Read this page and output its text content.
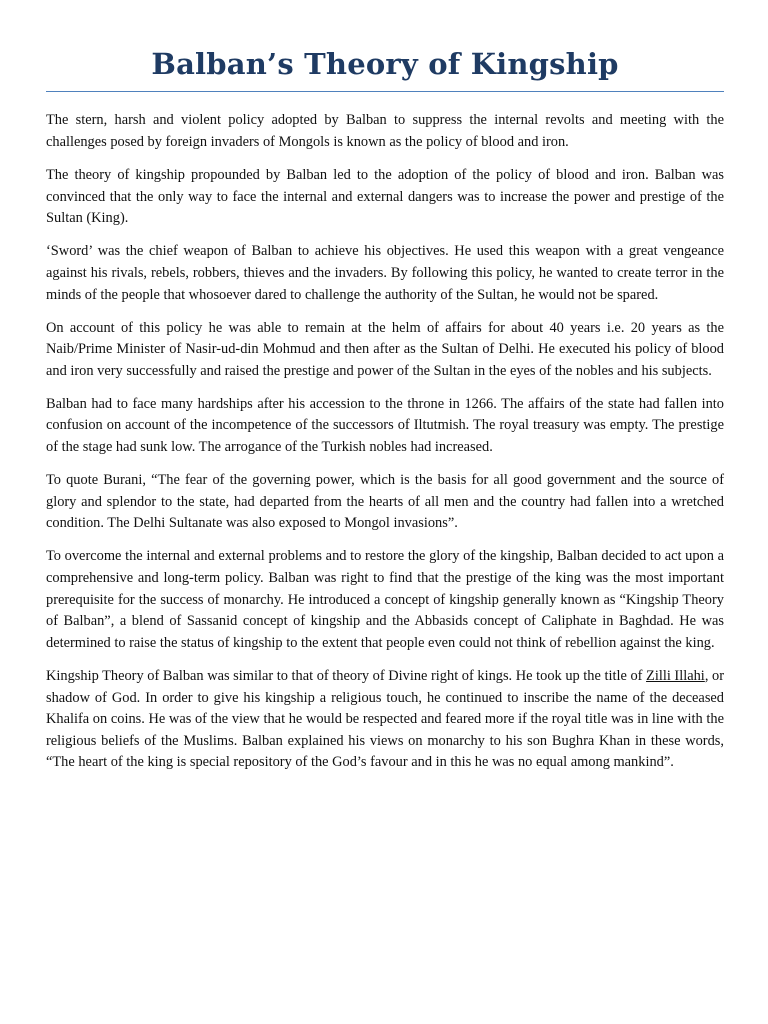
Balban’s Theory of Kingship

The stern, harsh and violent policy adopted by Balban to suppress the internal revolts and meeting with the challenges posed by foreign invaders of Mongols is known as the policy of blood and iron.

The theory of kingship propounded by Balban led to the adoption of the policy of blood and iron. Balban was convinced that the only way to face the internal and external dangers was to increase the power and prestige of the Sultan (King).

‘Sword’ was the chief weapon of Balban to achieve his objectives. He used this weapon with a great vengeance against his rivals, rebels, robbers, thieves and the invaders. By following this policy, he wanted to create terror in the minds of the people that whosoever dared to challenge the authority of the Sultan, he would not be spared.

On account of this policy he was able to remain at the helm of affairs for about 40 years i.e. 20 years as the Naib/Prime Minister of Nasir-ud-din Mohmud and then after as the Sultan of Delhi. He executed his policy of blood and iron very successfully and raised the prestige and power of the Sultan in the eyes of the nobles and his subjects.

Balban had to face many hardships after his accession to the throne in 1266. The affairs of the state had fallen into confusion on account of the incompetence of the successors of Iltutmish. The royal treasury was empty. The prestige of the stage had sunk low. The arrogance of the Turkish nobles had increased.

To quote Burani, “The fear of the governing power, which is the basis for all good government and the source of glory and splendor to the state, had departed from the hearts of all men and the country had fallen into a wretched condition. The Delhi Sultanate was also exposed to Mongol invasions”.

To overcome the internal and external problems and to restore the glory of the kingship, Balban decided to act upon a comprehensive and long-term policy. Balban was right to find that the prestige of the king was the most important prerequisite for the success of monarchy. He introduced a concept of kingship generally known as “Kingship Theory of Balban”, a blend of Sassanid concept of kingship and the Abbasids concept of Caliphate in Baghdad. He was determined to raise the status of kingship to the extent that people even could not think of rebellion against the king.

Kingship Theory of Balban was similar to that of theory of Divine right of kings. He took up the title of Zilli Illahi, or shadow of God. In order to give his kingship a religious touch, he continued to inscribe the name of the deceased Khalifa on coins. He was of the view that he would be respected and feared more if the royal title was in line with the religious beliefs of the Muslims. Balban explained his views on monarchy to his son Bughra Khan in these words, “The heart of the king is special repository of the God’s favour and in this he was no equal among mankind”.
